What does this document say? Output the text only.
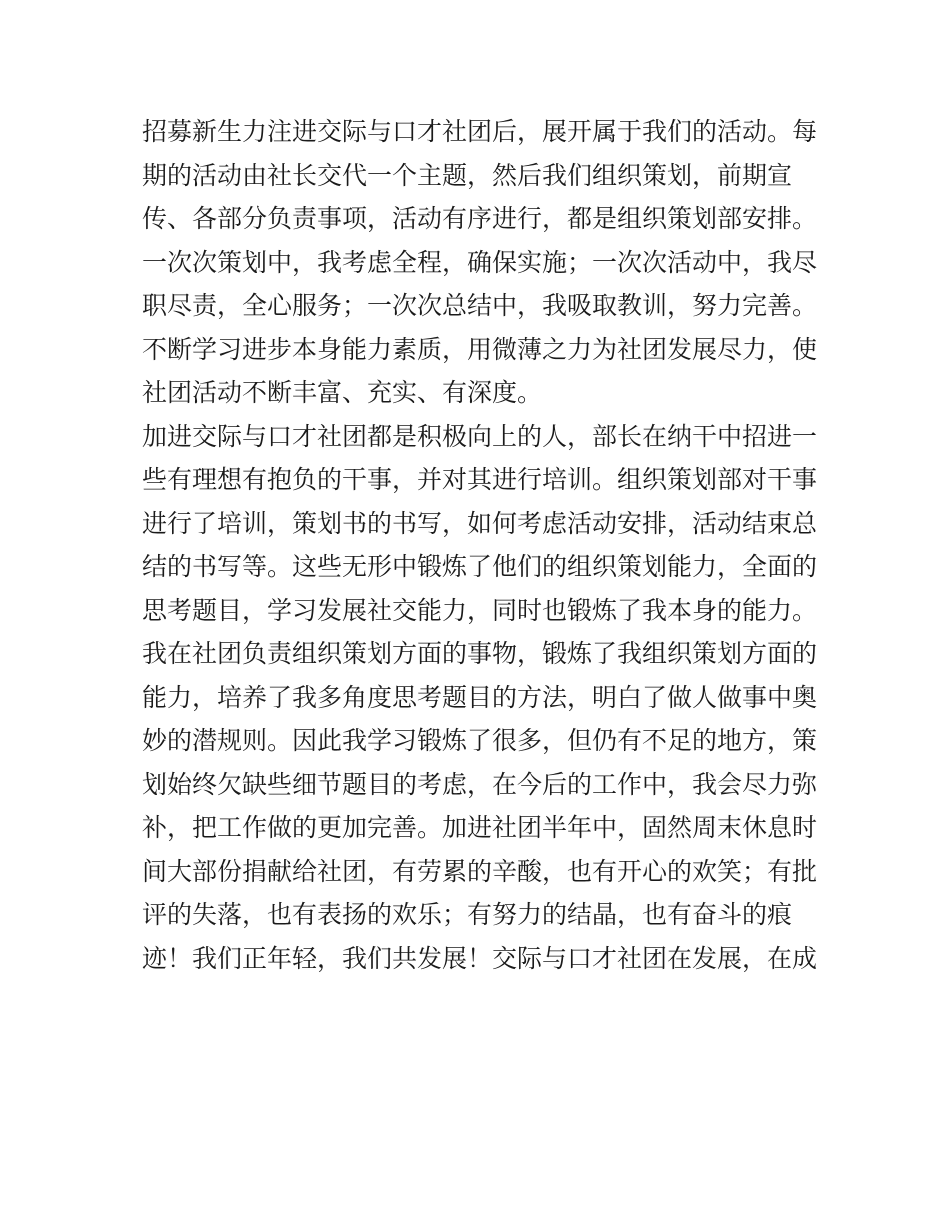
招募新生力注进交际与口才社团后，展开属于我们的活动。每
期的活动由社长交代一个主题，然后我们组织策划，前期宣
传、各部分负责事项，活动有序进行，都是组织策划部安排。
一次次策划中，我考虑全程，确保实施；一次次活动中，我尽
职尽责，全心服务；一次次总结中，我吸取教训，努力完善。
不断学习进步本身能力素质，用微薄之力为社团发展尽力，使
社团活动不断丰富、充实、有深度。
加进交际与口才社团都是积极向上的人，部长在纳干中招进一
些有理想有抱负的干事，并对其进行培训。组织策划部对干事
进行了培训，策划书的书写，如何考虑活动安排，活动结束总
结的书写等。这些无形中锻炼了他们的组织策划能力，全面的
思考题目，学习发展社交能力，同时也锻炼了我本身的能力。
我在社团负责组织策划方面的事物，锻炼了我组织策划方面的
能力，培养了我多角度思考题目的方法，明白了做人做事中奥
妙的潜规则。因此我学习锻炼了很多，但仍有不足的地方，策
划始终欠缺些细节题目的考虑，在今后的工作中，我会尽力弥
补，把工作做的更加完善。加进社团半年中，固然周末休息时
间大部份捐献给社团，有劳累的辛酸，也有开心的欢笑；有批
评的失落，也有表扬的欢乐；有努力的结晶，也有奋斗的痕
迹！我们正年轻，我们共发展！交际与口才社团在发展，在成
